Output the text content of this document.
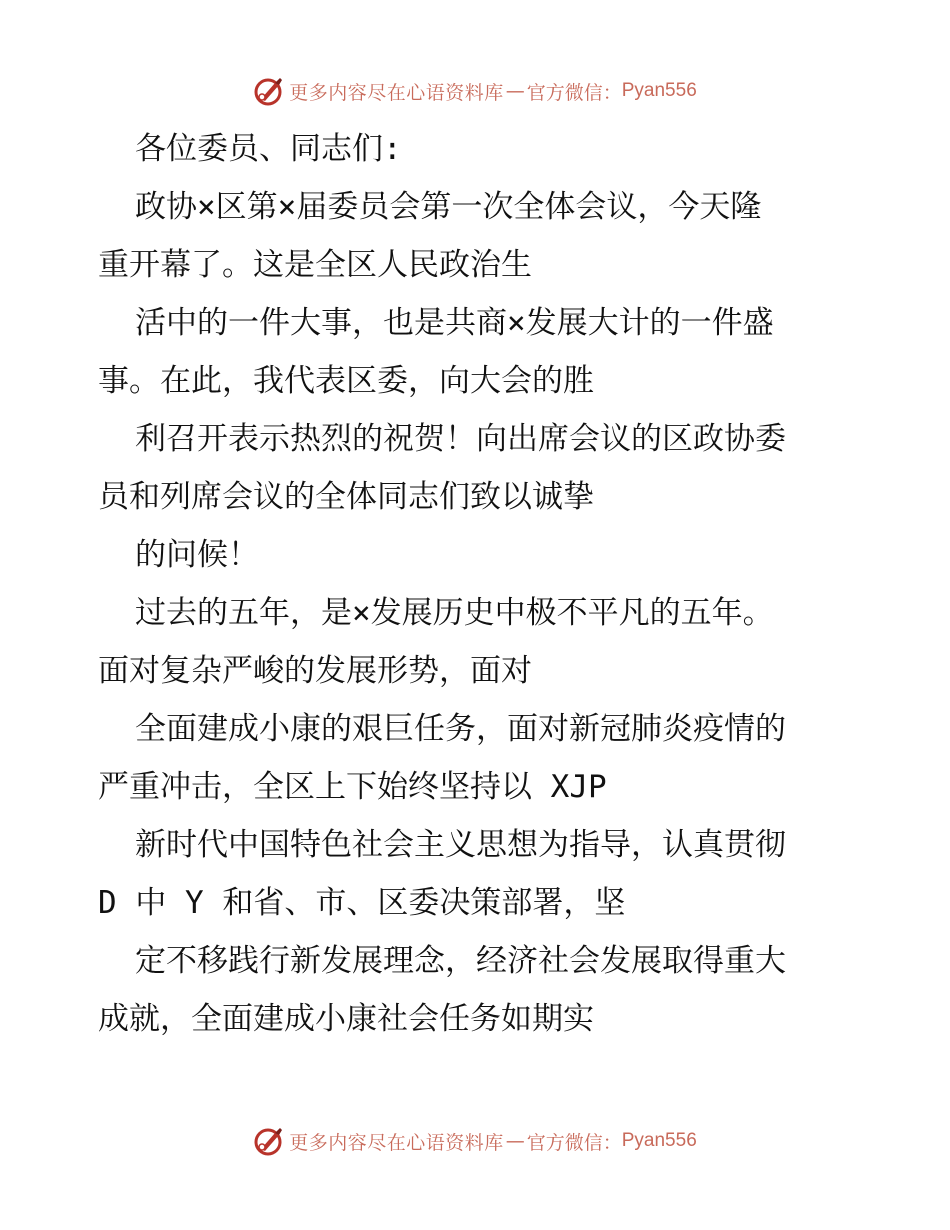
更多内容尽在心语资料库 — 官方微信： Pyan556
各位委员、同志们:
政协×区第×届委员会第一次全体会议，今天隆
重开幕了。这是全区人民政治生
活中的一件大事，也是共商×发展大计的一件盛
事。在此，我代表区委，向大会的胜
利召开表示热烈的祝贺！向出席会议的区政协委
员和列席会议的全体同志们致以诚挚
的问候！
过去的五年，是×发展历史中极不平凡的五年。
面对复杂严峻的发展形势，面对
全面建成小康的艰巨任务，面对新冠肺炎疫情的
严重冲击，全区上下始终坚持以 XJP
新时代中国特色社会主义思想为指导，认真贯彻
D 中 Y 和省、市、区委决策部署，坚
定不移践行新发展理念，经济社会发展取得重大
成就，全面建成小康社会任务如期实
更多内容尽在心语资料库 — 官方微信： Pyan556
